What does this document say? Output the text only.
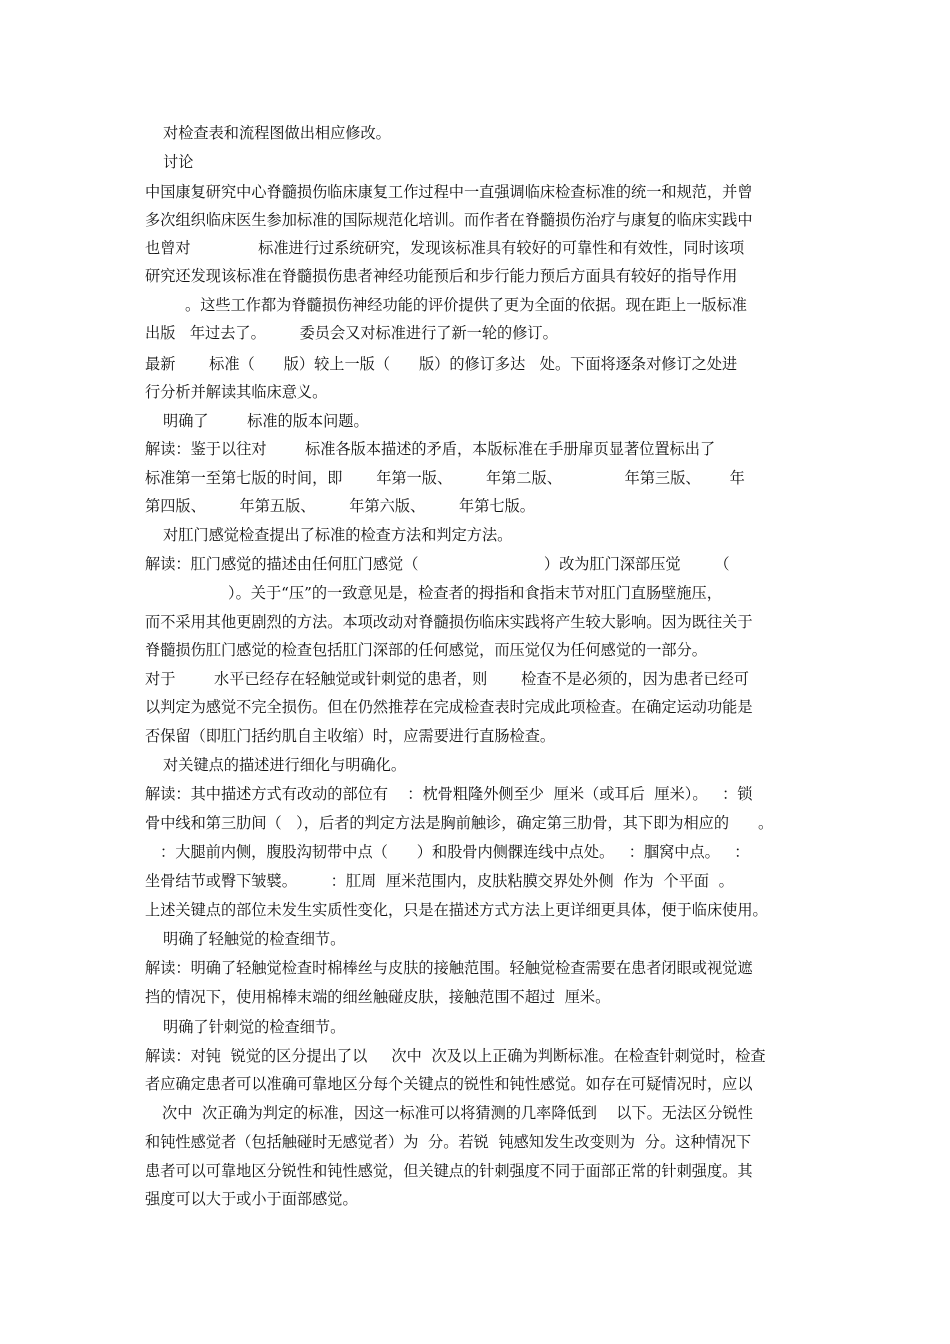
对检查表和流程图做出相应修改。
讨论
中国康复研究中心脊髓损伤临床康复工作过程中一直强调临床检查标准的统一和规范，并曾
多次组织临床医生参加标准的国际规范化培训。而作者在脊髓损伤治疗与康复的临床实践中
也曾对              标准进行过系统研究，发现该标准具有较好的可靠性和有效性，同时该项
研究还发现该标准在脊髓损伤患者神经功能预后和步行能力预后方面具有较好的指导作用
。这些工作都为脊髓损伤神经功能的评价提供了更为全面的依据。现在距上一版标准
出版   年过去了。       委员会又对标准进行了新一轮的修订。
最新       标准（      版）较上一版（      版）的修订多达   处。下面将逐条对修订之处进
行分析并解读其临床意义。
明确了        标准的版本问题。
解读：鉴于以往对        标准各版本描述的矛盾，本版标准在手册扉页显著位置标出了
标准第一至第七版的时间，即       年第一版、       年第二版、             年第三版、      年
第四版、       年第五版、       年第六版、       年第七版。
对肛门感觉检查提出了标准的检查方法和判定方法。
解读：肛门感觉的描述由任何肛门感觉（                          ）改为肛门深部压觉       （
）。关于“压”的一致意见是，检查者的拇指和食指末节对肛门直肠壁施压，
而不采用其他更剧烈的方法。本项改动对脊髓损伤临床实践将产生较大影响。因为既往关于
脊髓损伤肛门感觉的检查包括肛门深部的任何感觉，而压觉仅为任何感觉的一部分。
对于        水平已经存在轻触觉或针刺觉的患者，则       检查不是必须的，因为患者已经可
以判定为感觉不完全损伤。但在仍然推荐在完成检查表时完成此项检查。在确定运动功能是
否保留（即肛门括约肌自主收缩）时，应需要进行直肠检查。
对关键点的描述进行细化与明确化。
解读：其中描述方式有改动的部位有    ：枕骨粗隆外侧至少  厘米（或耳后  厘米）。   ：锁
骨中线和第三肋间（   ），后者的判定方法是胸前触诊，确定第三肋骨，其下即为相应的      。
：大腿前内侧，腹股沟韧带中点（      ）和股骨内侧髁连线中点处。   ：腘窝中点。   ：
坐骨结节或臀下皱襞。       ：肛周  厘米范围内，皮肤粘膜交界处外侧  作为  个平面  。
上述关键点的部位未发生实质性变化，只是在描述方式方法上更详细更具体，便于临床使用。
明确了轻触觉的检查细节。
解读：明确了轻触觉检查时棉棒丝与皮肤的接触范围。轻触觉检查需要在患者闭眼或视觉遮
挡的情况下，使用棉棒末端的细丝触碰皮肤，接触范围不超过  厘米。
明确了针刺觉的检查细节。
解读：对钝  锐觉的区分提出了以     次中  次及以上正确为判断标准。在检查针刺觉时，检查
者应确定患者可以准确可靠地区分每个关键点的锐性和钝性感觉。如存在可疑情况时，应以
次中  次正确为判定的标准，因这一标准可以将猜测的几率降低到    以下。无法区分锐性
和钝性感觉者（包括触碰时无感觉者）为  分。若锐  钝感知发生改变则为  分。这种情况下
患者可以可靠地区分锐性和钝性感觉，但关键点的针刺强度不同于面部正常的针刺强度。其
强度可以大于或小于面部感觉。
